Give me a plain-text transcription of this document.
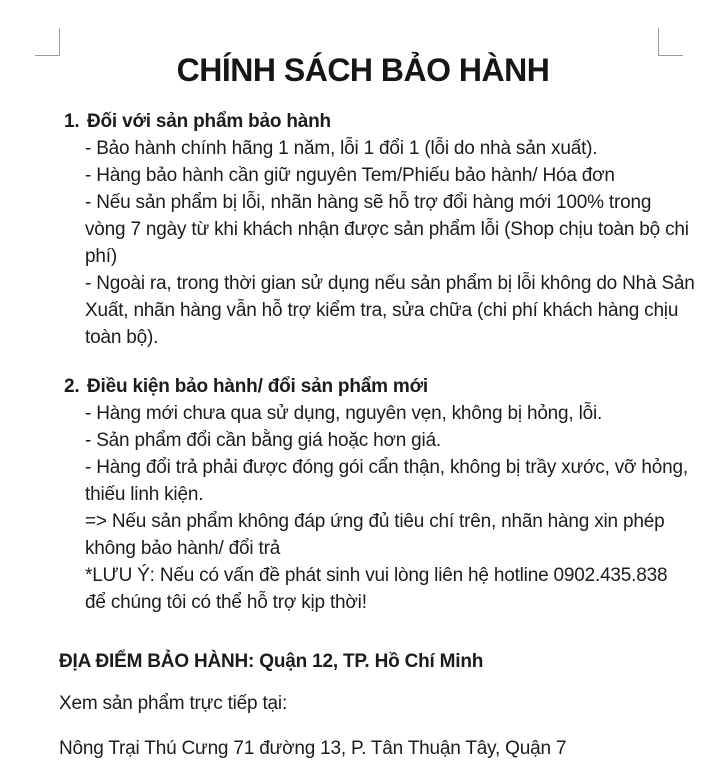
CHÍNH SÁCH BẢO HÀNH
1. Đối với sản phẩm bảo hành
- Bảo hành chính hãng 1 năm, lỗi 1 đổi 1 (lỗi do nhà sản xuất).
- Hàng bảo hành cần giữ nguyên Tem/Phiếu bảo hành/ Hóa đơn
- Nếu sản phẩm bị lỗi, nhãn hàng sẽ hỗ trợ đổi hàng mới 100% trong
vòng 7 ngày từ khi khách nhận được sản phẩm lỗi (Shop chịu toàn bộ chi
phí)
- Ngoài ra, trong thời gian sử dụng nếu sản phẩm bị lỗi không do Nhà Sản
Xuất, nhãn hàng vẫn hỗ trợ kiểm tra, sửa chữa (chi phí khách hàng chịu
toàn bộ).
2. Điều kiện bảo hành/ đổi sản phẩm mới
- Hàng mới chưa qua sử dụng, nguyên vẹn, không bị hỏng, lỗi.
- Sản phẩm đổi cần bằng giá hoặc hơn giá.
- Hàng đổi trả phải được đóng gói cẩn thận, không bị trầy xước, vỡ hỏng,
thiếu linh kiện.
=> Nếu sản phẩm không đáp ứng đủ tiêu chí trên, nhãn hàng xin phép
không bảo hành/ đổi trả
*LƯU Ý: Nếu có vấn đề phát sinh vui lòng liên hệ hotline 0902.435.838
để chúng tôi có thể hỗ trợ kịp thời!
ĐỊA ĐIỂM BẢO HÀNH: Quận 12, TP. Hồ Chí Minh
Xem sản phẩm trực tiếp tại:
Nông Trại Thú Cưng 71 đường 13, P. Tân Thuận Tây, Quận 7
